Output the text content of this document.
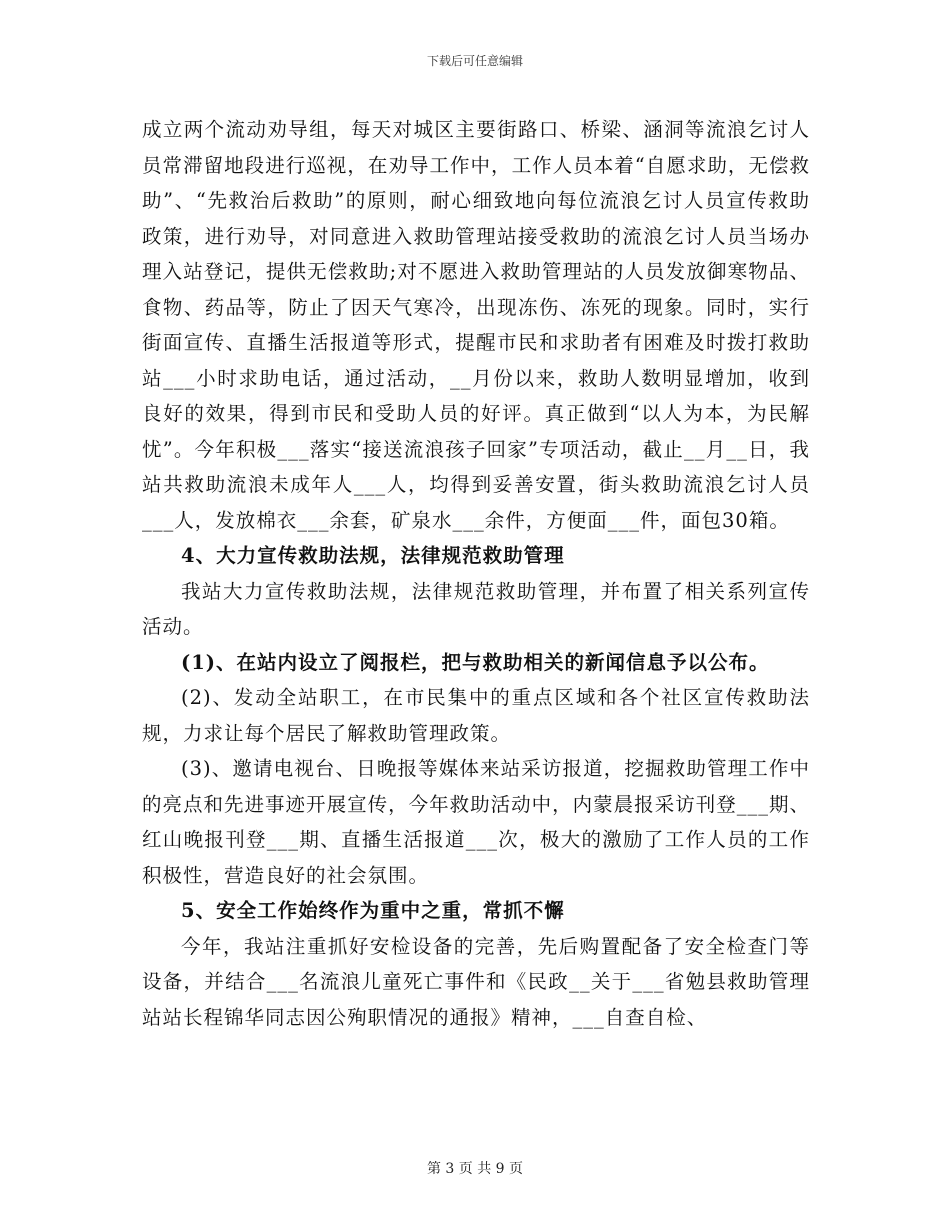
下载后可任意编辑

成立两个流动劝导组，每天对城区主要街路口、桥梁、涵洞等流浪乞讨人员常滞留地段进行巡视，在劝导工作中，工作人员本着“自愿求助，无偿救助”、“先救治后救助”的原则，耐心细致地向每位流浪乞讨人员宣传救助政策，进行劝导，对同意进入救助管理站接受救助的流浪乞讨人员当场办理入站登记，提供无偿救助;对不愿进入救助管理站的人员发放御寒物品、食物、药品等，防止了因天气寒冷，出现冻伤、冻死的现象。同时，实行街面宣传、直播生活报道等形式，提醒市民和求助者有困难及时拨打救助站___小时求助电话，通过活动，__月份以来，救助人数明显增加，收到良好的效果，得到市民和受助人员的好评。真正做到“以人为本，为民解忧”。今年积极___落实“接送流浪孩子回家”专项活动，截止__月__日，我站共救助流浪未成年人___人，均得到妥善安置，街头救助流浪乞讨人员___人，发放棉衣___余套，矿泉水___余件，方便面___件，面包30箱。

4、大力宣传救助法规，法律规范救助管理

我站大力宣传救助法规，法律规范救助管理，并布置了相关系列宣传活动。

(1)、在站内设立了阅报栏，把与救助相关的新闻信息予以公布。

(2)、发动全站职工，在市民集中的重点区域和各个社区宣传救助法规，力求让每个居民了解救助管理政策。

(3)、邀请电视台、日晚报等媒体来站采访报道，挖掘救助管理工作中的亮点和先进事迹开展宣传，今年救助活动中，内蒙晨报采访刊登___期、红山晚报刊登___期、直播生活报道___次，极大的激励了工作人员的工作积极性，营造良好的社会氛围。

5、安全工作始终作为重中之重，常抓不懈

今年，我站注重抓好安检设备的完善，先后购置配备了安全检查门等设备，并结合___名流浪儿童死亡事件和《民政__关于___省勉县救助管理站站长程锦华同志因公殉职情况的通报》精神，___自查自检、

第 3 页 共 9 页
